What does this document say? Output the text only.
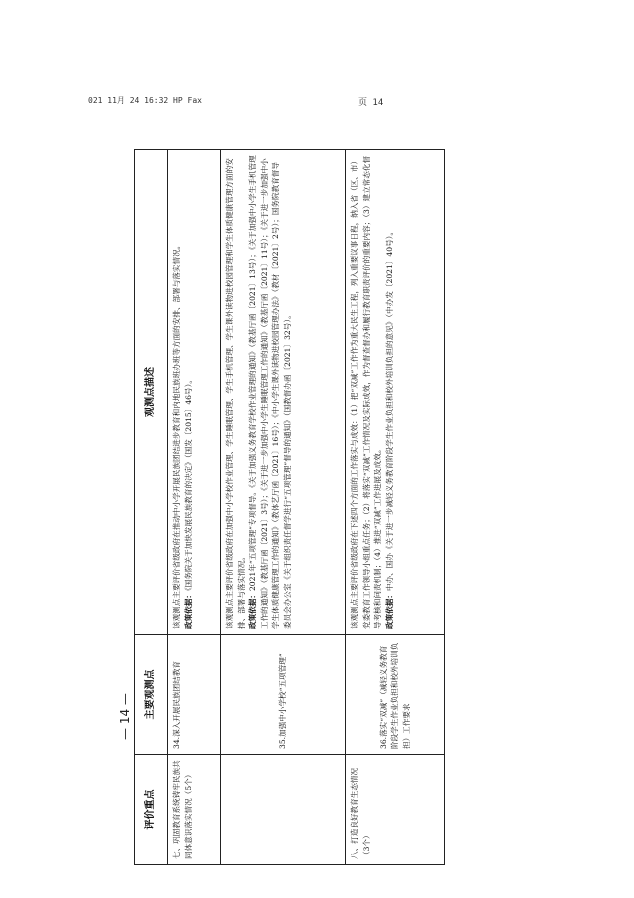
021 11月 24 16:32 HP Fax	页 14
评价重点	主要观测点	观测点描述
七、巩固教育系统铸牢民族共同体意识落实情况（5个）	34.深入开展民族团结教育	该观测点主要评价省级政府在推动中小学开展民族团结进步教育和内地民族班办班等方面的安排、部署与落实情况。 政策依据：《国务院关于加快发展民族教育的决定》（国发〔2015〕46号）。
	35.加强中小学校“五项管理”	该观测点主要评价省级政府在加强中小学校作业管理、学生睡眠管理、学生手机管理、学生课外读物进校园管理和学生体质健康管理方面的安排、部署与落实情况。 政策依据：2021年“五项管理”专项督导。《关于加强义务教育学校作业管理的通知》（教基厅函〔2021〕13号）；《关于加强中小学生手机管理工作的通知》（教基厅函〔2021〕3号）；《关于进一步加强中小学生睡眠管理工作的通知》（教基厅函〔2021〕11号）；《关于进一步加强中小学生体质健康管理工作的通知》（教体艺厅函〔2021〕16号）；《中小学生课外读物进校园管理办法》（教材〔2021〕2号）；国务院教育督导委员会办公室《关于组织责任督学进行“五项管理”督导的通知》（国教督办函〔2021〕32号）。
八、打造良好教育生态情况（3个）	36.落实“双减”（减轻义务教育阶段学生作业负担和校外培训负担）工作要求	该观测点主要评价省级政府在下述四个方面的工作落实与成效：（1）把“双减”工作作为重大民生工程，列入重要议事日程，纳入省（区、市）党委教育工作领导小组重点任务；（2）将落实“双减”工作情况及实际成效，作为督查督办和履行教育职责评价的重要内容；（3）建立常态化督导考核和问责机制；（4）推进“双减”工作进展及成效。 政策依据：中办、国办《关于进一步减轻义务教育阶段学生作业负担和校外培训负担的意见》（中办发〔2021〕40号）。
— 14 —
